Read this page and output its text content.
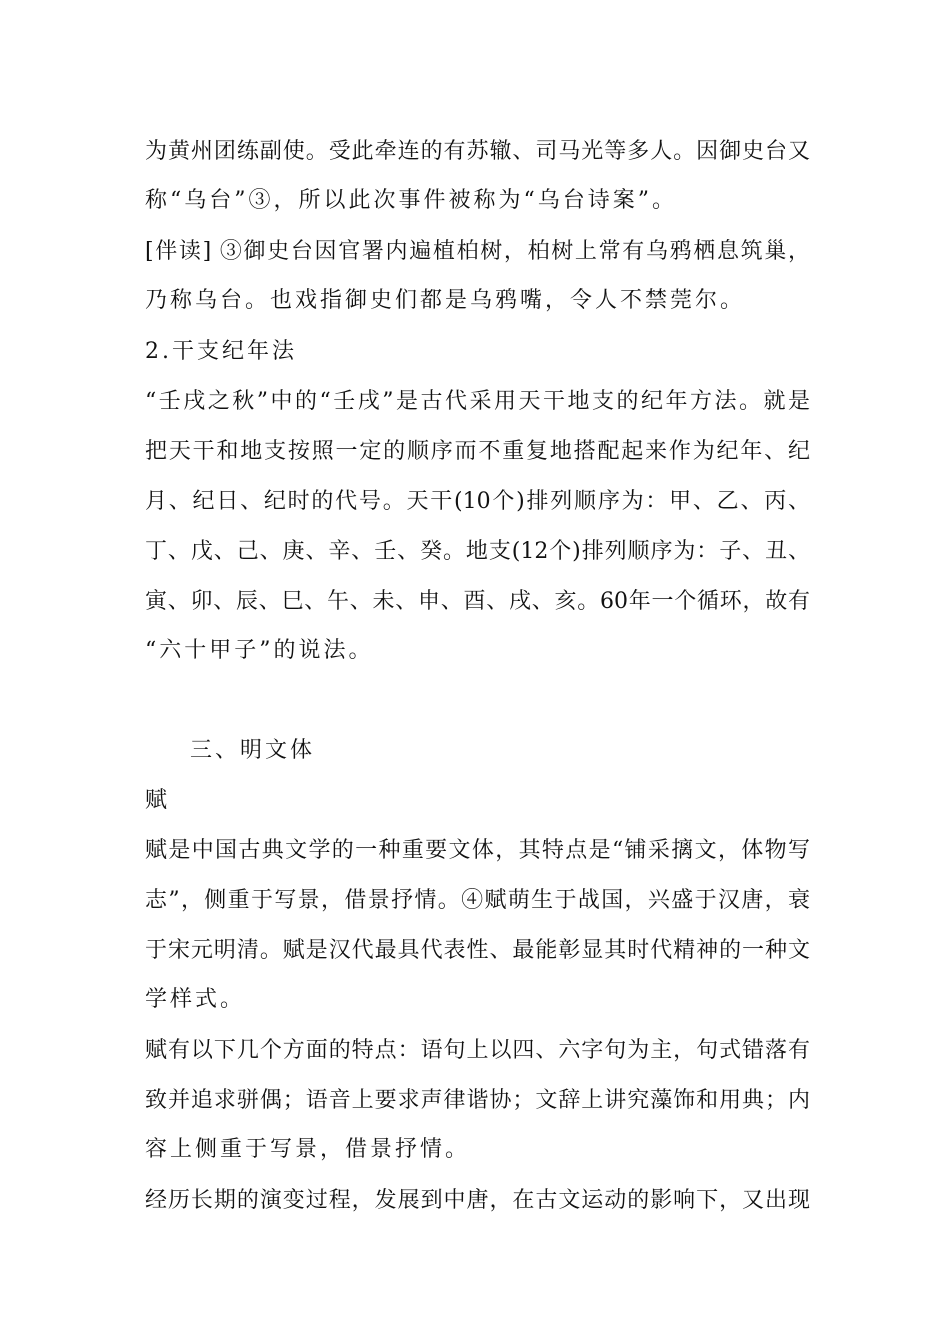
为黄州团练副使。受此牵连的有苏辙、司马光等多人。因御史台又
称“乌台”③，所以此次事件被称为“乌台诗案”。
[伴读] ③御史台因官署内遍植柏树，柏树上常有乌鸦栖息筑巢，
乃称乌台。也戏指御史们都是乌鸦嘴，令人不禁莞尔。
2.干支纪年法
“壬戌之秋”中的“壬戌”是古代采用天干地支的纪年方法。就是
把天干和地支按照一定的顺序而不重复地搭配起来作为纪年、纪
月、纪日、纪时的代号。天干(10个)排列顺序为：甲、乙、丙、
丁、戊、己、庚、辛、壬、癸。地支(12个)排列顺序为：子、丑、
寅、卯、辰、巳、午、未、申、酉、戌、亥。60年一个循环，故有
“六十甲子”的说法。
三、明文体
赋
赋是中国古典文学的一种重要文体，其特点是“铺采摛文，体物写
志”，侧重于写景，借景抒情。④赋萌生于战国，兴盛于汉唐，衰
于宋元明清。赋是汉代最具代表性、最能彰显其时代精神的一种文
学样式。
赋有以下几个方面的特点：语句上以四、六字句为主，句式错落有
致并追求骈偶；语音上要求声律谐协；文辞上讲究藻饰和用典；内
容上侧重于写景，借景抒情。
经历长期的演变过程，发展到中唐，在古文运动的影响下，又出现
